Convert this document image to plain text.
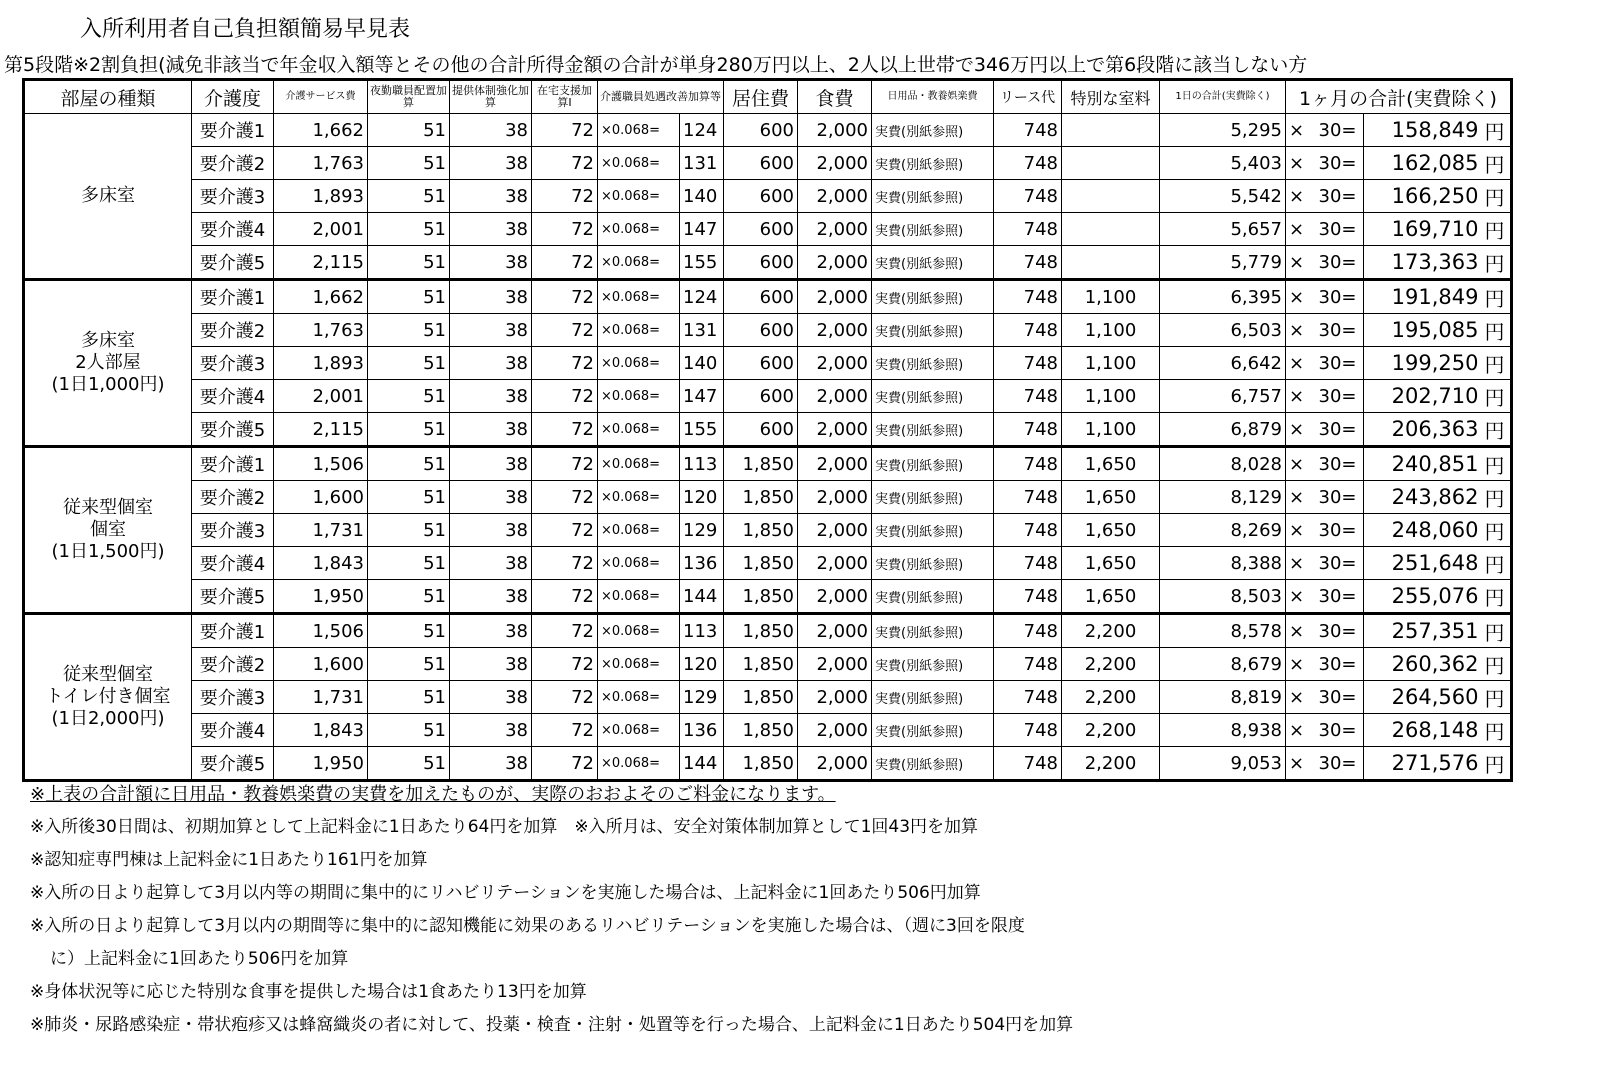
入所利用者自己負担額簡易早見表
第5段階※2割負担(減免非該当で年金収入額等とその他の合計所得金額の合計が単身280万円以上、2人以上世帯で346万円以上で第6段階に該当しない方
部屋の種類	介護度	介護サービス費	夜勤職員配置加算	提供体制強化加算	在宅支援加算Ⅰ	介護職員処遇改善加算等		居住費	食費	日用品・教養娯楽費	リース代	特別な室料	1日の合計(実費除く)	1ヶ月の合計(実費除く)			

多床室	要介護1	1,662	51	38	72	×0.068=	124	600	2,000	実費(別紙参照)	748		5,295	×	30=	158,849	円
	要介護2	1,763	51	38	72	×0.068=	131	600	2,000	実費(別紙参照)	748		5,403	×	30=	162,085	円
	要介護3	1,893	51	38	72	×0.068=	140	600	2,000	実費(別紙参照)	748		5,542	×	30=	166,250	円
	要介護4	2,001	51	38	72	×0.068=	147	600	2,000	実費(別紙参照)	748		5,657	×	30=	169,710	円
	要介護5	2,115	51	38	72	×0.068=	155	600	2,000	実費(別紙参照)	748		5,779	×	30=	173,363	円

多床室
2人部屋
(1日1,000円)	要介護1	1,662	51	38	72	×0.068=	124	600	2,000	実費(別紙参照)	748	1,100	6,395	×	30=	191,849	円
	要介護2	1,763	51	38	72	×0.068=	131	600	2,000	実費(別紙参照)	748	1,100	6,503	×	30=	195,085	円
	要介護3	1,893	51	38	72	×0.068=	140	600	2,000	実費(別紙参照)	748	1,100	6,642	×	30=	199,250	円
	要介護4	2,001	51	38	72	×0.068=	147	600	2,000	実費(別紙参照)	748	1,100	6,757	×	30=	202,710	円
	要介護5	2,115	51	38	72	×0.068=	155	600	2,000	実費(別紙参照)	748	1,100	6,879	×	30=	206,363	円

従来型個室
個室
(1日1,500円)	要介護1	1,506	51	38	72	×0.068=	113	1,850	2,000	実費(別紙参照)	748	1,650	8,028	×	30=	240,851	円
	要介護2	1,600	51	38	72	×0.068=	120	1,850	2,000	実費(別紙参照)	748	1,650	8,129	×	30=	243,862	円
	要介護3	1,731	51	38	72	×0.068=	129	1,850	2,000	実費(別紙参照)	748	1,650	8,269	×	30=	248,060	円
	要介護4	1,843	51	38	72	×0.068=	136	1,850	2,000	実費(別紙参照)	748	1,650	8,388	×	30=	251,648	円
	要介護5	1,950	51	38	72	×0.068=	144	1,850	2,000	実費(別紙参照)	748	1,650	8,503	×	30=	255,076	円

従来型個室
トイレ付き個室
(1日2,000円)	要介護1	1,506	51	38	72	×0.068=	113	1,850	2,000	実費(別紙参照)	748	2,200	8,578	×	30=	257,351	円
	要介護2	1,600	51	38	72	×0.068=	120	1,850	2,000	実費(別紙参照)	748	2,200	8,679	×	30=	260,362	円
	要介護3	1,731	51	38	72	×0.068=	129	1,850	2,000	実費(別紙参照)	748	2,200	8,819	×	30=	264,560	円
	要介護4	1,843	51	38	72	×0.068=	136	1,850	2,000	実費(別紙参照)	748	2,200	8,938	×	30=	268,148	円
	要介護5	1,950	51	38	72	×0.068=	144	1,850	2,000	実費(別紙参照)	748	2,200	9,053	×	30=	271,576	円
※上表の合計額に日用品・教養娯楽費の実費を加えたものが、実際のおおよそのご料金になります。
※入所後30日間は、初期加算として上記料金に1日あたり64円を加算　※入所月は、安全対策体制加算として1回43円を加算
※認知症専門棟は上記料金に1日あたり161円を加算
※入所の日より起算して3月以内等の期間に集中的にリハビリテーションを実施した場合は、上記料金に1回あたり506円加算
※入所の日より起算して3月以内の期間等に集中的に認知機能に効果のあるリハビリテーションを実施した場合は、（週に3回を限度
に）上記料金に1回あたり506円を加算
※身体状況等に応じた特別な食事を提供した場合は1食あたり13円を加算
※肺炎・尿路感染症・帯状疱疹又は蜂窩織炎の者に対して、投薬・検査・注射・処置等を行った場合、上記料金に1日あたり504円を加算
